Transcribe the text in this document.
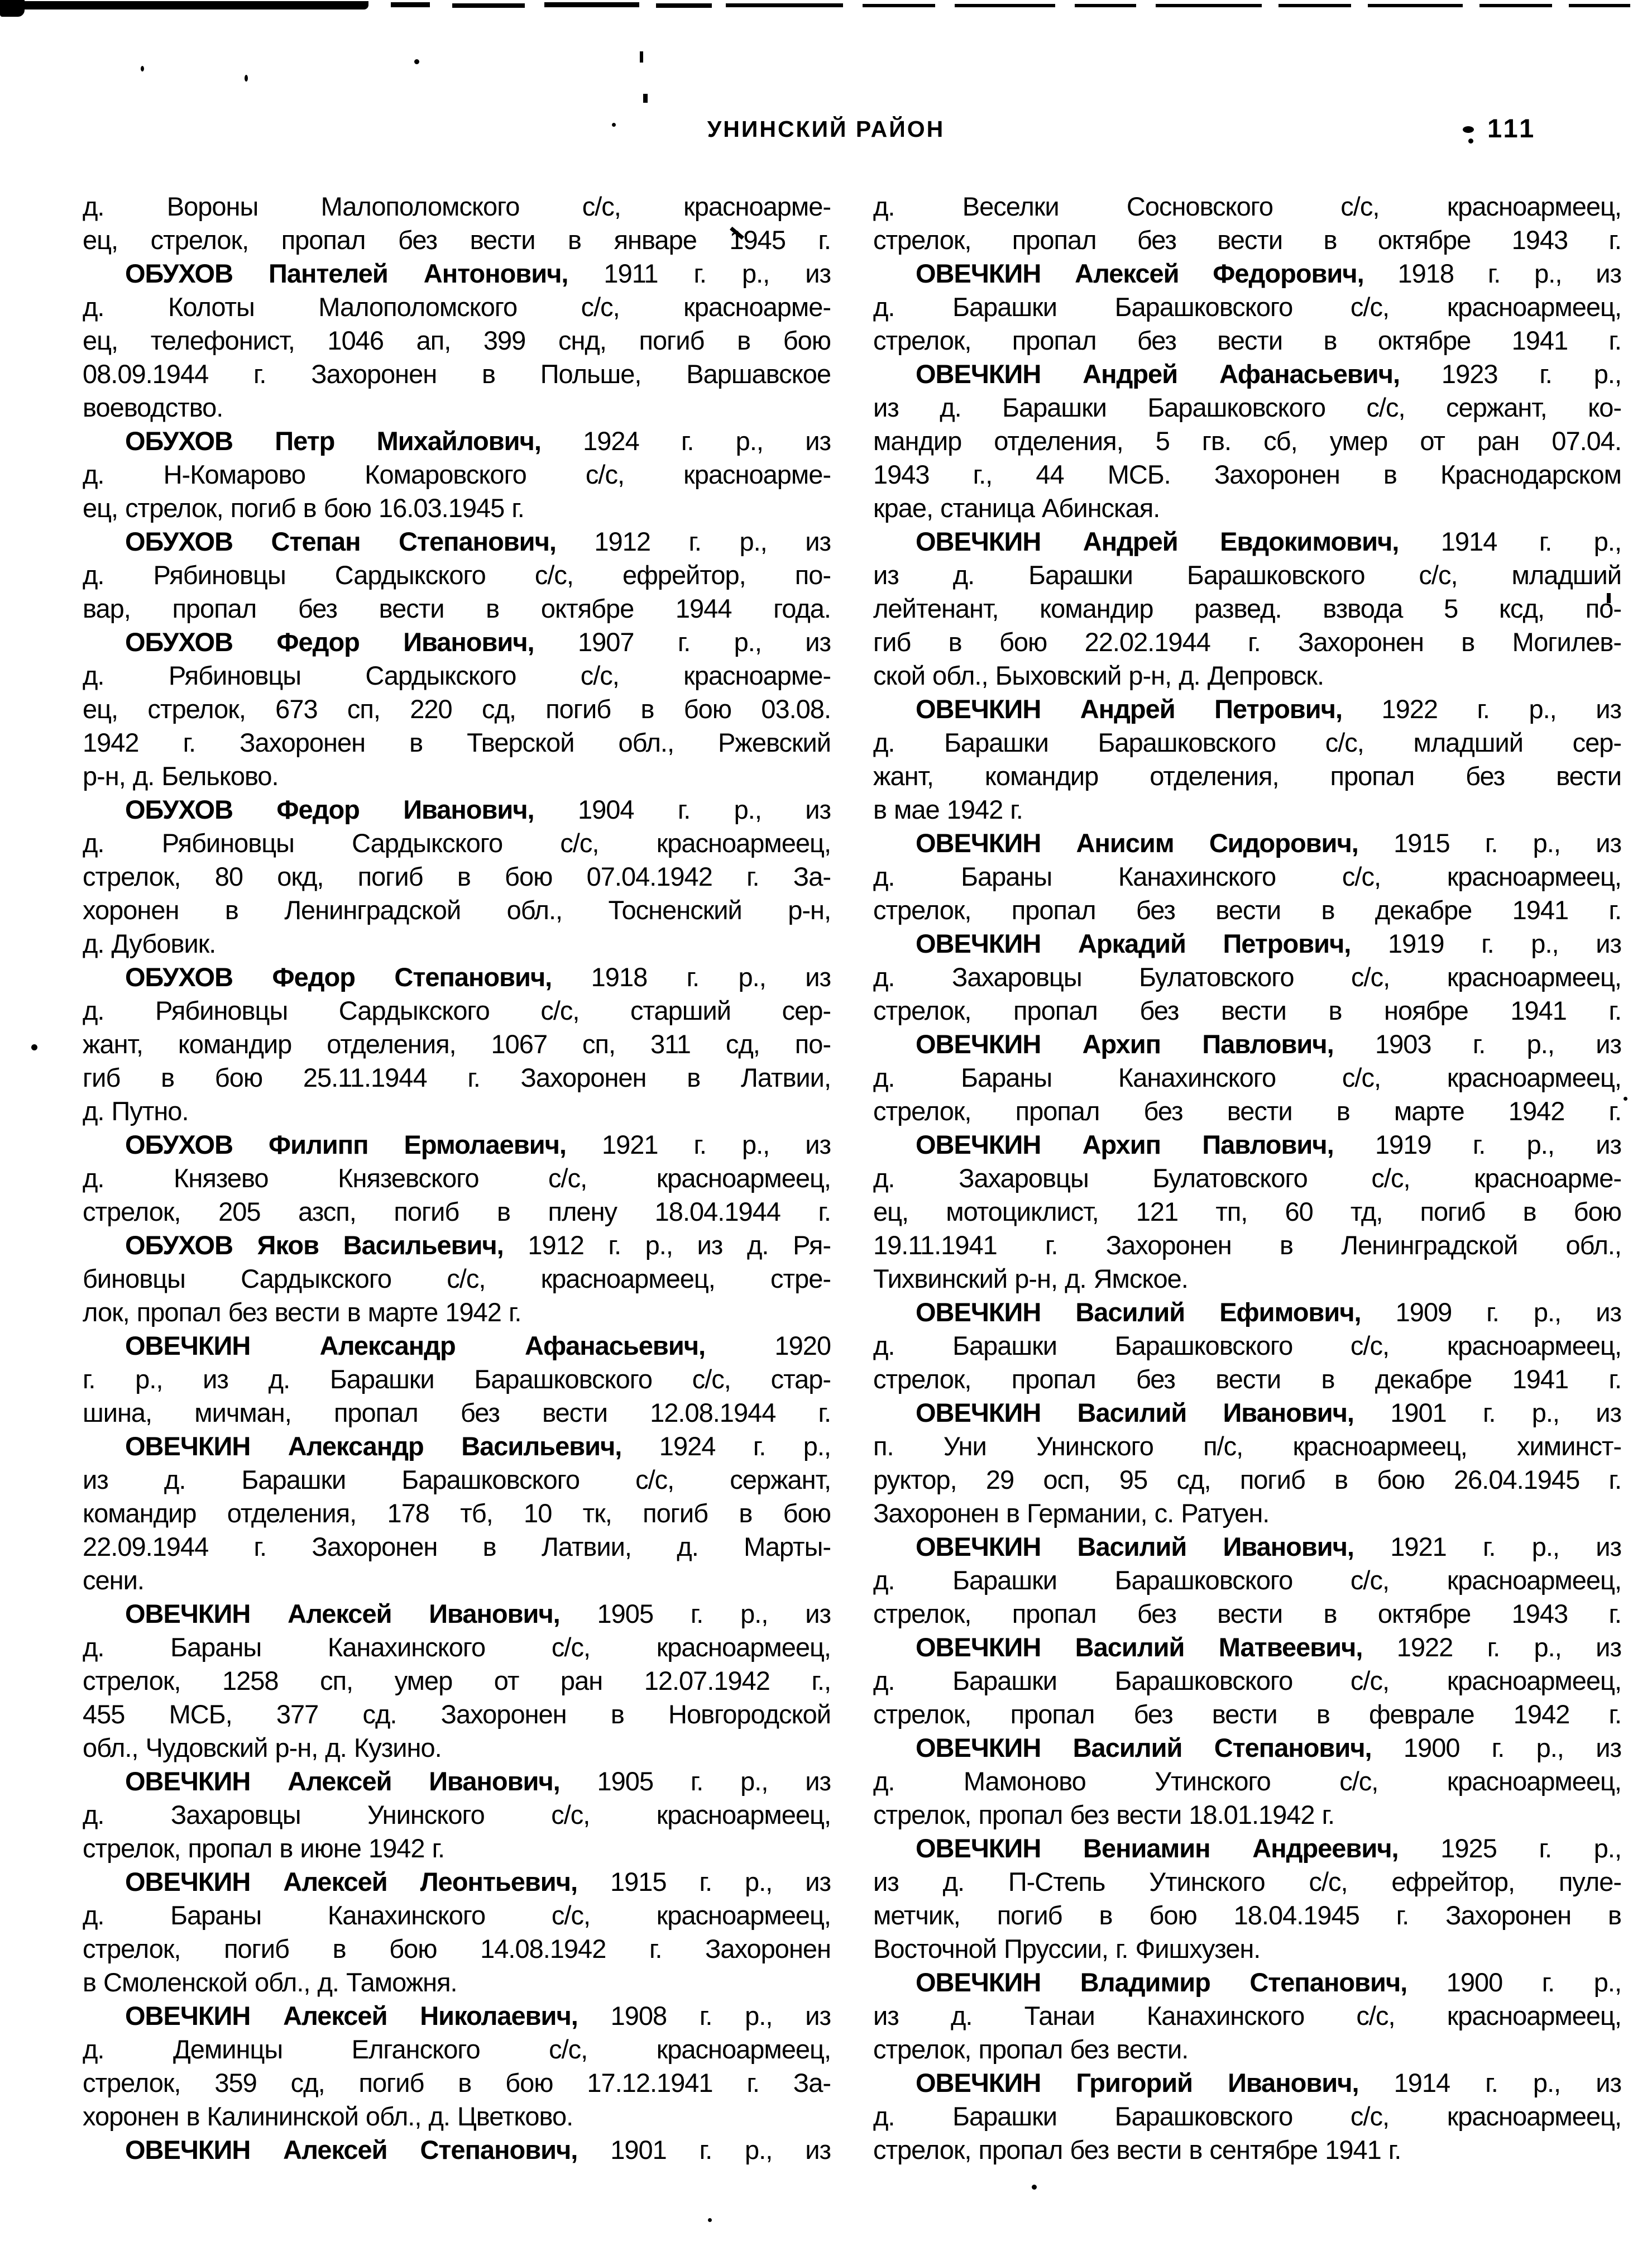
УНИНСКИЙ РАЙОН	111
д. Вороны Малополомского с/с, красноарме-
ец, стрелок, пропал без вести в январе 1945 г.
ОБУХОВ Пантелей Антонович, 1911 г. р., из
д. Колоты Малополомского с/с, красноарме-
ец, телефонист, 1046 ап, 399 снд, погиб в бою
08.09.1944 г. Захоронен в Польше, Варшавское
воеводство.
ОБУХОВ Петр Михайлович, 1924 г. р., из
д. Н-Комарово Комаровского с/с, красноарме-
ец, стрелок, погиб в бою 16.03.1945 г.
ОБУХОВ Степан Степанович, 1912 г. р., из
д. Рябиновцы Сардыкского с/с, ефрейтор, по-
вар, пропал без вести в октябре 1944 года.
ОБУХОВ Федор Иванович, 1907 г. р., из
д. Рябиновцы Сардыкского с/с, красноарме-
ец, стрелок, 673 сп, 220 сд, погиб в бою 03.08.
1942 г. Захоронен в Тверской обл., Ржевский
р-н, д. Бельково.
ОБУХОВ Федор Иванович, 1904 г. р., из
д. Рябиновцы Сардыкского с/с, красноармеец,
стрелок, 80 окд, погиб в бою 07.04.1942 г. За-
хоронен в Ленинградской обл., Тосненский р-н,
д. Дубовик.
ОБУХОВ Федор Степанович, 1918 г. р., из
д. Рябиновцы Сардыкского с/с, старший сер-
жант, командир отделения, 1067 сп, 311 сд, по-
гиб в бою 25.11.1944 г. Захоронен в Латвии,
д. Путно.
ОБУХОВ Филипп Ермолаевич, 1921 г. р., из
д. Князево Князевского с/с, красноармеец,
стрелок, 205 азсп, погиб в плену 18.04.1944 г.
ОБУХОВ Яков Васильевич, 1912 г. р., из д. Ря-
биновцы Сардыкского с/с, красноармеец, стре-
лок, пропал без вести в марте 1942 г.
ОВЕЧКИН Александр Афанасьевич, 1920
г. р., из д. Барашки Барашковского с/с, стар-
шина, мичман, пропал без вести 12.08.1944 г.
ОВЕЧКИН Александр Васильевич, 1924 г. р.,
из д. Барашки Барашковского с/с, сержант,
командир отделения, 178 тб, 10 тк, погиб в бою
22.09.1944 г. Захоронен в Латвии, д. Марты-
сени.
ОВЕЧКИН Алексей Иванович, 1905 г. р., из
д. Бараны Канахинского с/с, красноармеец,
стрелок, 1258 сп, умер от ран 12.07.1942 г.,
455 МСБ, 377 сд. Захоронен в Новгородской
обл., Чудовский р-н, д. Кузино.
ОВЕЧКИН Алексей Иванович, 1905 г. р., из
д. Захаровцы Унинского с/с, красноармеец,
стрелок, пропал в июне 1942 г.
ОВЕЧКИН Алексей Леонтьевич, 1915 г. р., из
д. Бараны Канахинского с/с, красноармеец,
стрелок, погиб в бою 14.08.1942 г. Захоронен
в Смоленской обл., д. Таможня.
ОВЕЧКИН Алексей Николаевич, 1908 г. р., из
д. Деминцы Елганского с/с, красноармеец,
стрелок, 359 сд, погиб в бою 17.12.1941 г. За-
хоронен в Калининской обл., д. Цветково.
ОВЕЧКИН Алексей Степанович, 1901 г. р., из
д. Веселки Сосновского с/с, красноармеец,
стрелок, пропал без вести в октябре 1943 г.
ОВЕЧКИН Алексей Федорович, 1918 г. р., из
д. Барашки Барашковского с/с, красноармеец,
стрелок, пропал без вести в октябре 1941 г.
ОВЕЧКИН Андрей Афанасьевич, 1923 г. р.,
из д. Барашки Барашковского с/с, сержант, ко-
мандир отделения, 5 гв. сб, умер от ран 07.04.
1943 г., 44 МСБ. Захоронен в Краснодарском
крае, станица Абинская.
ОВЕЧКИН Андрей Евдокимович, 1914 г. р.,
из д. Барашки Барашковского с/с, младший
лейтенант, командир развед. взвода 5 ксд, по-
гиб в бою 22.02.1944 г. Захоронен в Могилев-
ской обл., Быховский р-н, д. Депровск.
ОВЕЧКИН Андрей Петрович, 1922 г. р., из
д. Барашки Барашковского с/с, младший сер-
жант, командир отделения, пропал без вести
в мае 1942 г.
ОВЕЧКИН Анисим Сидорович, 1915 г. р., из
д. Бараны Канахинского с/с, красноармеец,
стрелок, пропал без вести в декабре 1941 г.
ОВЕЧКИН Аркадий Петрович, 1919 г. р., из
д. Захаровцы Булатовского с/с, красноармеец,
стрелок, пропал без вести в ноябре 1941 г.
ОВЕЧКИН Архип Павлович, 1903 г. р., из
д. Бараны Канахинского с/с, красноармеец,
стрелок, пропал без вести в марте 1942 г.
ОВЕЧКИН Архип Павлович, 1919 г. р., из
д. Захаровцы Булатовского с/с, красноарме-
ец, мотоциклист, 121 тп, 60 тд, погиб в бою
19.11.1941 г. Захоронен в Ленинградской обл.,
Тихвинский р-н, д. Ямское.
ОВЕЧКИН Василий Ефимович, 1909 г. р., из
д. Барашки Барашковского с/с, красноармеец,
стрелок, пропал без вести в декабре 1941 г.
ОВЕЧКИН Василий Иванович, 1901 г. р., из
п. Уни Унинского п/с, красноармеец, химинст-
руктор, 29 осп, 95 сд, погиб в бою 26.04.1945 г.
Захоронен в Германии, с. Ратуен.
ОВЕЧКИН Василий Иванович, 1921 г. р., из
д. Барашки Барашковского с/с, красноармеец,
стрелок, пропал без вести в октябре 1943 г.
ОВЕЧКИН Василий Матвеевич, 1922 г. р., из
д. Барашки Барашковского с/с, красноармеец,
стрелок, пропал без вести в феврале 1942 г.
ОВЕЧКИН Василий Степанович, 1900 г. р., из
д. Мамоново Утинского с/с, красноармеец,
стрелок, пропал без вести 18.01.1942 г.
ОВЕЧКИН Вениамин Андреевич, 1925 г. р.,
из д. П-Степь Утинского с/с, ефрейтор, пуле-
метчик, погиб в бою 18.04.1945 г. Захоронен в
Восточной Пруссии, г. Фишхузен.
ОВЕЧКИН Владимир Степанович, 1900 г. р.,
из д. Танаи Канахинского с/с, красноармеец,
стрелок, пропал без вести.
ОВЕЧКИН Григорий Иванович, 1914 г. р., из
д. Барашки Барашковского с/с, красноармеец,
стрелок, пропал без вести в сентябре 1941 г.
